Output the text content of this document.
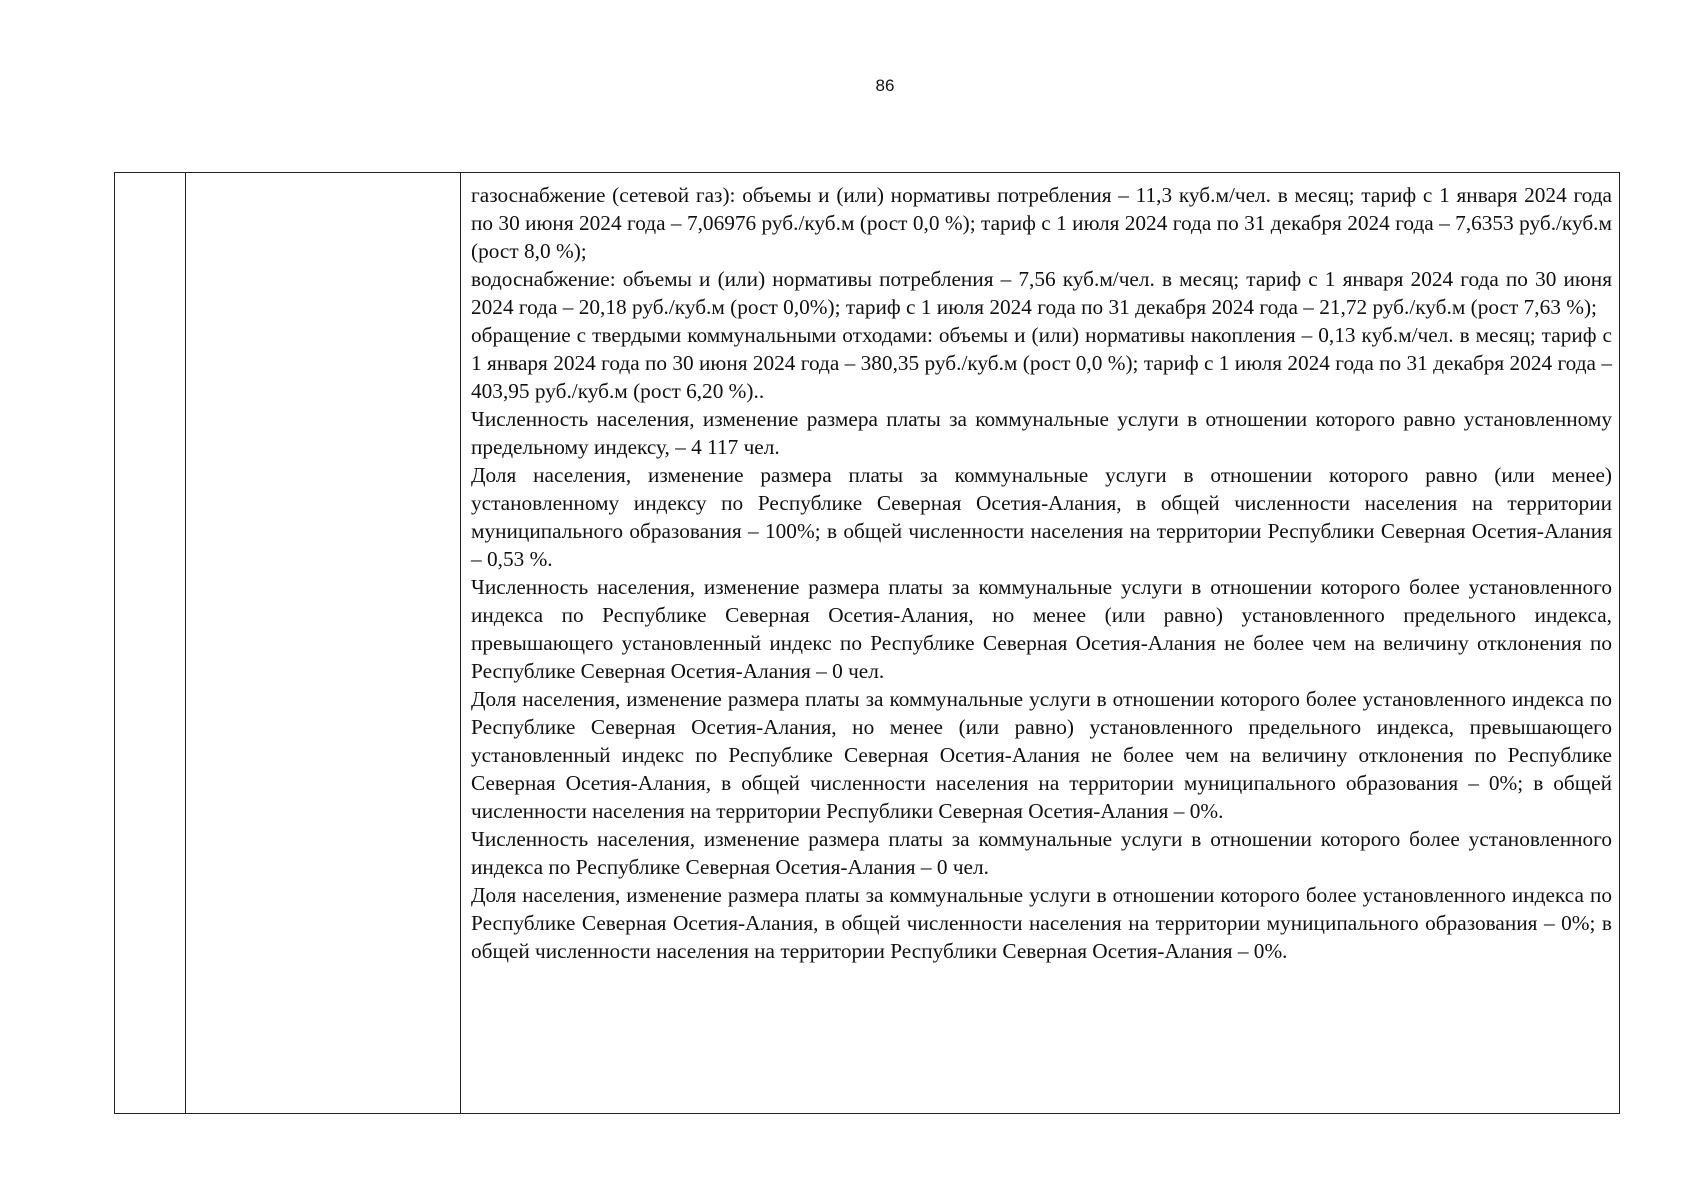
86

газоснабжение (сетевой газ): объемы и (или) нормативы потребления – 11,3 куб.м/чел. в месяц; тариф с 1 января 2024 года по 30 июня 2024 года – 7,06976 руб./куб.м (рост 0,0 %); тариф с 1 июля 2024 года по 31 декабря 2024 года – 7,6353 руб./куб.м (рост 8,0 %);

водоснабжение: объемы и (или) нормативы потребления – 7,56 куб.м/чел. в месяц; тариф с 1 января 2024 года по 30 июня 2024 года – 20,18 руб./куб.м (рост 0,0%); тариф с 1 июля 2024 года по 31 декабря 2024 года – 21,72 руб./куб.м (рост 7,63 %);

обращение с твердыми коммунальными отходами: объемы и (или) нормативы накопления – 0,13 куб.м/чел. в месяц; тариф с 1 января 2024 года по 30 июня 2024 года – 380,35 руб./куб.м (рост 0,0 %); тариф с 1 июля 2024 года по 31 декабря 2024 года – 403,95 руб./куб.м (рост 6,20 %)..

Численность населения, изменение размера платы за коммунальные услуги в отношении которого равно установленному предельному индексу, – 4 117 чел.

Доля населения, изменение размера платы за коммунальные услуги в отношении которого равно (или менее) установленному индексу по Республике Северная Осетия-Алания, в общей численности населения на территории муниципального образования – 100%; в общей численности населения на территории Республики Северная Осетия-Алания – 0,53 %.

Численность населения, изменение размера платы за коммунальные услуги в отношении которого более установленного индекса по Республике Северная Осетия-Алания, но менее (или равно) установленного предельного индекса, превышающего установленный индекс по Республике Северная Осетия-Алания не более чем на величину отклонения по Республике Северная Осетия-Алания – 0 чел.

Доля населения, изменение размера платы за коммунальные услуги в отношении которого более установленного индекса по Республике Северная Осетия-Алания, но менее (или равно) установленного предельного индекса, превышающего установленный индекс по Республике Северная Осетия-Алания не более чем на величину отклонения по Республике Северная Осетия-Алания, в общей численности населения на территории муниципального образования – 0%; в общей численности населения на территории Республики Северная Осетия-Алания – 0%.

Численность населения, изменение размера платы за коммунальные услуги в отношении которого более установленного индекса по Республике Северная Осетия-Алания – 0 чел.

Доля населения, изменение размера платы за коммунальные услуги в отношении которого более установленного индекса по Республике Северная Осетия-Алания, в общей численности населения на территории муниципального образования – 0%; в общей численности населения на территории Республики Северная Осетия-Алания – 0%.
